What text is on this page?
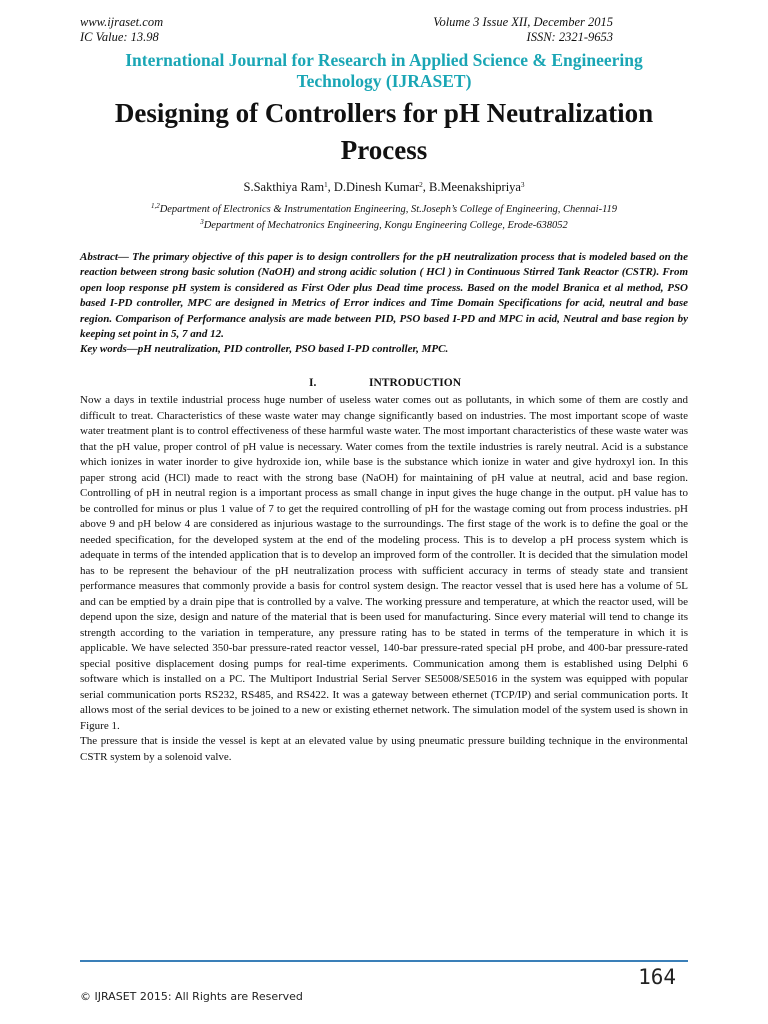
www.ijraset.com
IC Value: 13.98
Volume 3 Issue XII, December 2015
ISSN: 2321-9653
International Journal for Research in Applied Science & Engineering
Technology (IJRASET)
Designing of Controllers for pH Neutralization
Process
S.Sakthiya Ram$^1$, D.Dinesh Kumar$^2$, B.Meenakshipriya$^3$
$^{1,2}$Department of Electronics & Instrumentation Engineering, St.Joseph’s College of Engineering, Chennai-119
$^3$Department of Mechatronics Engineering, Kongu Engineering College, Erode-638052
Abstract— The primary objective of this paper is to design controllers for the pH neutralization process that is modeled based on the reaction between strong basic solution (NaOH) and strong acidic solution ( HCl ) in Continuous Stirred Tank Reactor (CSTR). From open loop response pH system is considered as First Oder plus Dead time process. Based on the model Branica et al method, PSO based I-PD controller, MPC are designed in Metrics of Error indices and Time Domain Specifications for acid, neutral and base region. Comparison of Performance analysis are made between PID, PSO based I-PD and MPC in acid, Neutral and base region by keeping set point in 5, 7 and 12.
Key words—pH neutralization, PID controller, PSO based I-PD controller, MPC.
I.	INTRODUCTION

Now a days in textile industrial process huge number of useless water comes out as pollutants, in which some of them are costly and difficult to treat. Characteristics of these waste water may change significantly based on industries. The most important scope of waste water treatment plant is to control effectiveness of these harmful waste water. The most important characteristics of these waste water was that the pH value, proper control of pH value is necessary. Water comes from the textile industries is rarely neutral. Acid is a substance which ionizes in water inorder to give hydroxide ion, while base is the substance which ionize in water and give hydroxyl ion. In this paper strong acid (HCl) made to react with the strong base (NaOH) for maintaining of pH value at neutral, acid and base region. Controlling of pH in neutral region is a important process as small change in input gives the huge change in the output. pH value has to be controlled for minus or plus 1 value of 7 to get the required controlling of pH for the wastage coming out from process industries. pH above 9 and pH below 4 are considered as injurious wastage to the surroundings. The first stage of the work is to define the goal or the needed specification, for the developed system at the end of the modeling process. This is to develop a pH process system which is adequate in terms of the intended application that is to develop an improved form of the controller. It is decided that the simulation model has to be represent the behaviour of the pH neutralization process with sufficient accuracy in terms of steady state and transient performance measures that commonly provide a basis for control system design. The reactor vessel that is used here has a volume of 5L and can be emptied by a drain pipe that is controlled by a valve. The working pressure and temperature, at which the reactor used, will be depend upon the size, design and nature of the material that is been used for manufacturing. Since every material will tend to change its strength according to the variation in temperature, any pressure rating has to be stated in terms of the temperature in which it is applicable. We have selected 350-bar pressure-rated reactor vessel, 140-bar pressure-rated special pH probe, and 400-bar pressure-rated special positive displacement dosing pumps for real-time experiments. Communication among them is established using Delphi 6 software which is installed on a PC. The Multiport Industrial Serial Server SE5008/SE5016 in the system was equipped with popular serial communication ports RS232, RS485, and RS422. It was a gateway between ethernet (TCP/IP) and serial communication ports. It allows most of the serial devices to be joined to a new or existing ethernet network. The simulation model of the system used is shown in Figure 1.

The pressure that is inside the vessel is kept at an elevated value by using pneumatic pressure building technique in the environmental CSTR system by a solenoid valve.

164
© IJRASET 2015: All Rights are Reserved
